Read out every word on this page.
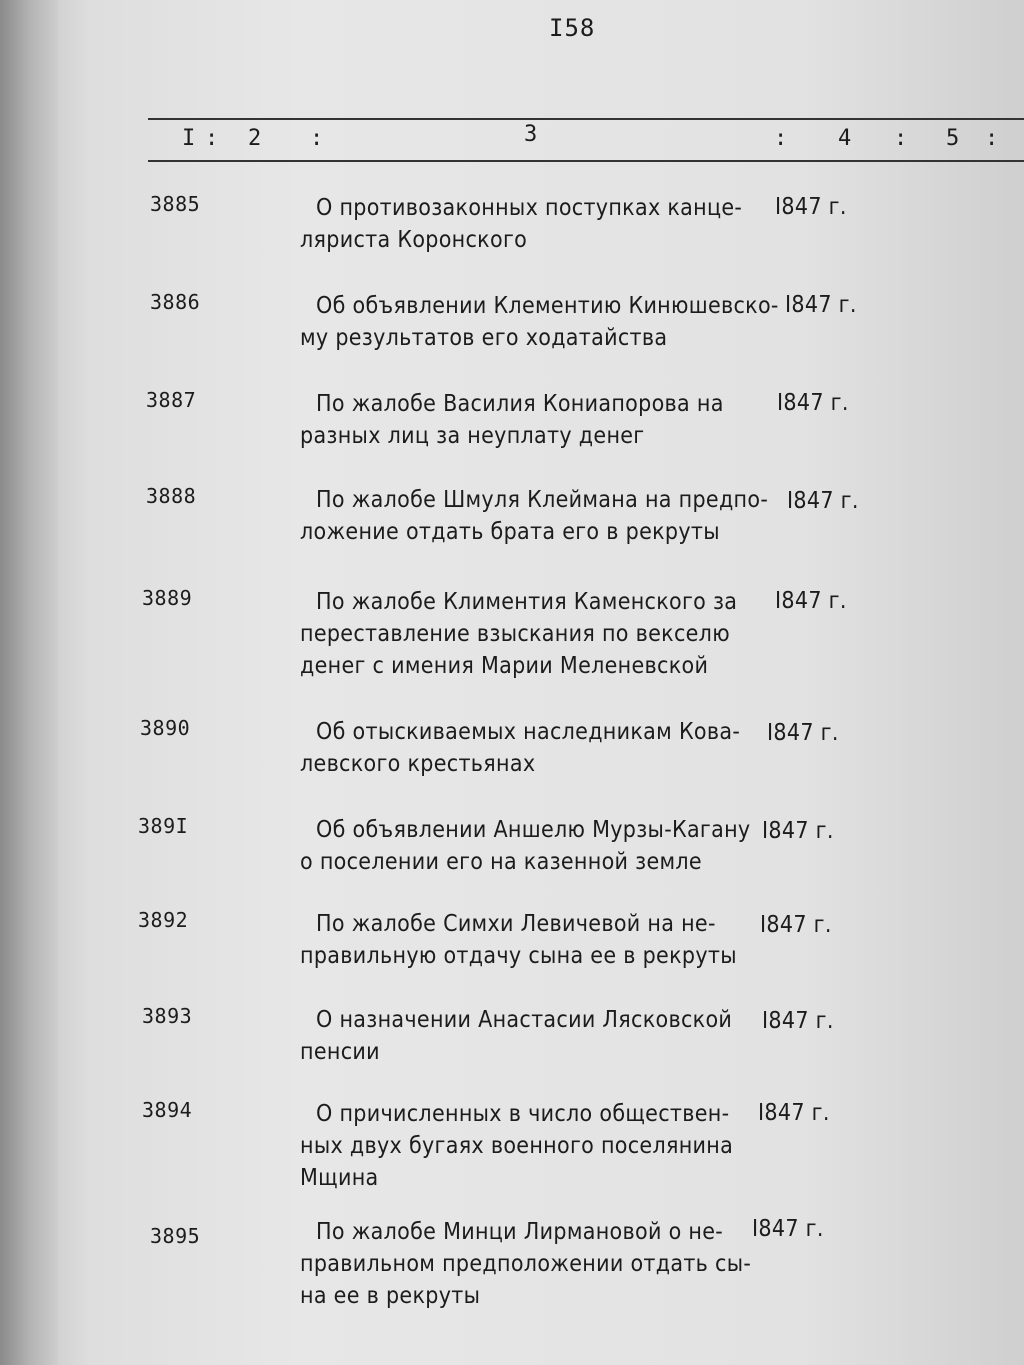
I58
I : 2 :	3	: 4 : 5 :
3885	О противозаконных поступках канце-
ляриста Коронского
I847 г.
3886	Об объявлении Клементию Кинюшевско-
му результатов его ходатайства
I847 г.
3887	По жалобе Василия Кониапорова на
разных лиц за неуплату денег
I847 г.
3888	По жалобе Шмуля Клеймана на предпо-
ложение отдать брата его в рекруты
I847 г.
3889	По жалобе Климентия Каменского за
переставление взыскания по векселю
денег с имения Марии Меленевской
I847 г.
3890	Об отыскиваемых наследникам Кова-
левского крестьянах
I847 г.
389I	Об объявлении Аншелю Мурзы-Кагану
о поселении его на казенной земле
I847 г.
3892	По жалобе Симхи Левичевой на не-
правильную отдачу сына ее в рекруты
I847 г.
3893	О назначении Анастасии Лясковской
пенсии
I847 г.
3894	О причисленных в число обществен-
ных двух бугаях военного поселянина
Мщина
I847 г.
3895	По жалобе Минци Лирмановой о не-
правильном предположении отдать сы-
на ее в рекруты
I847 г.
